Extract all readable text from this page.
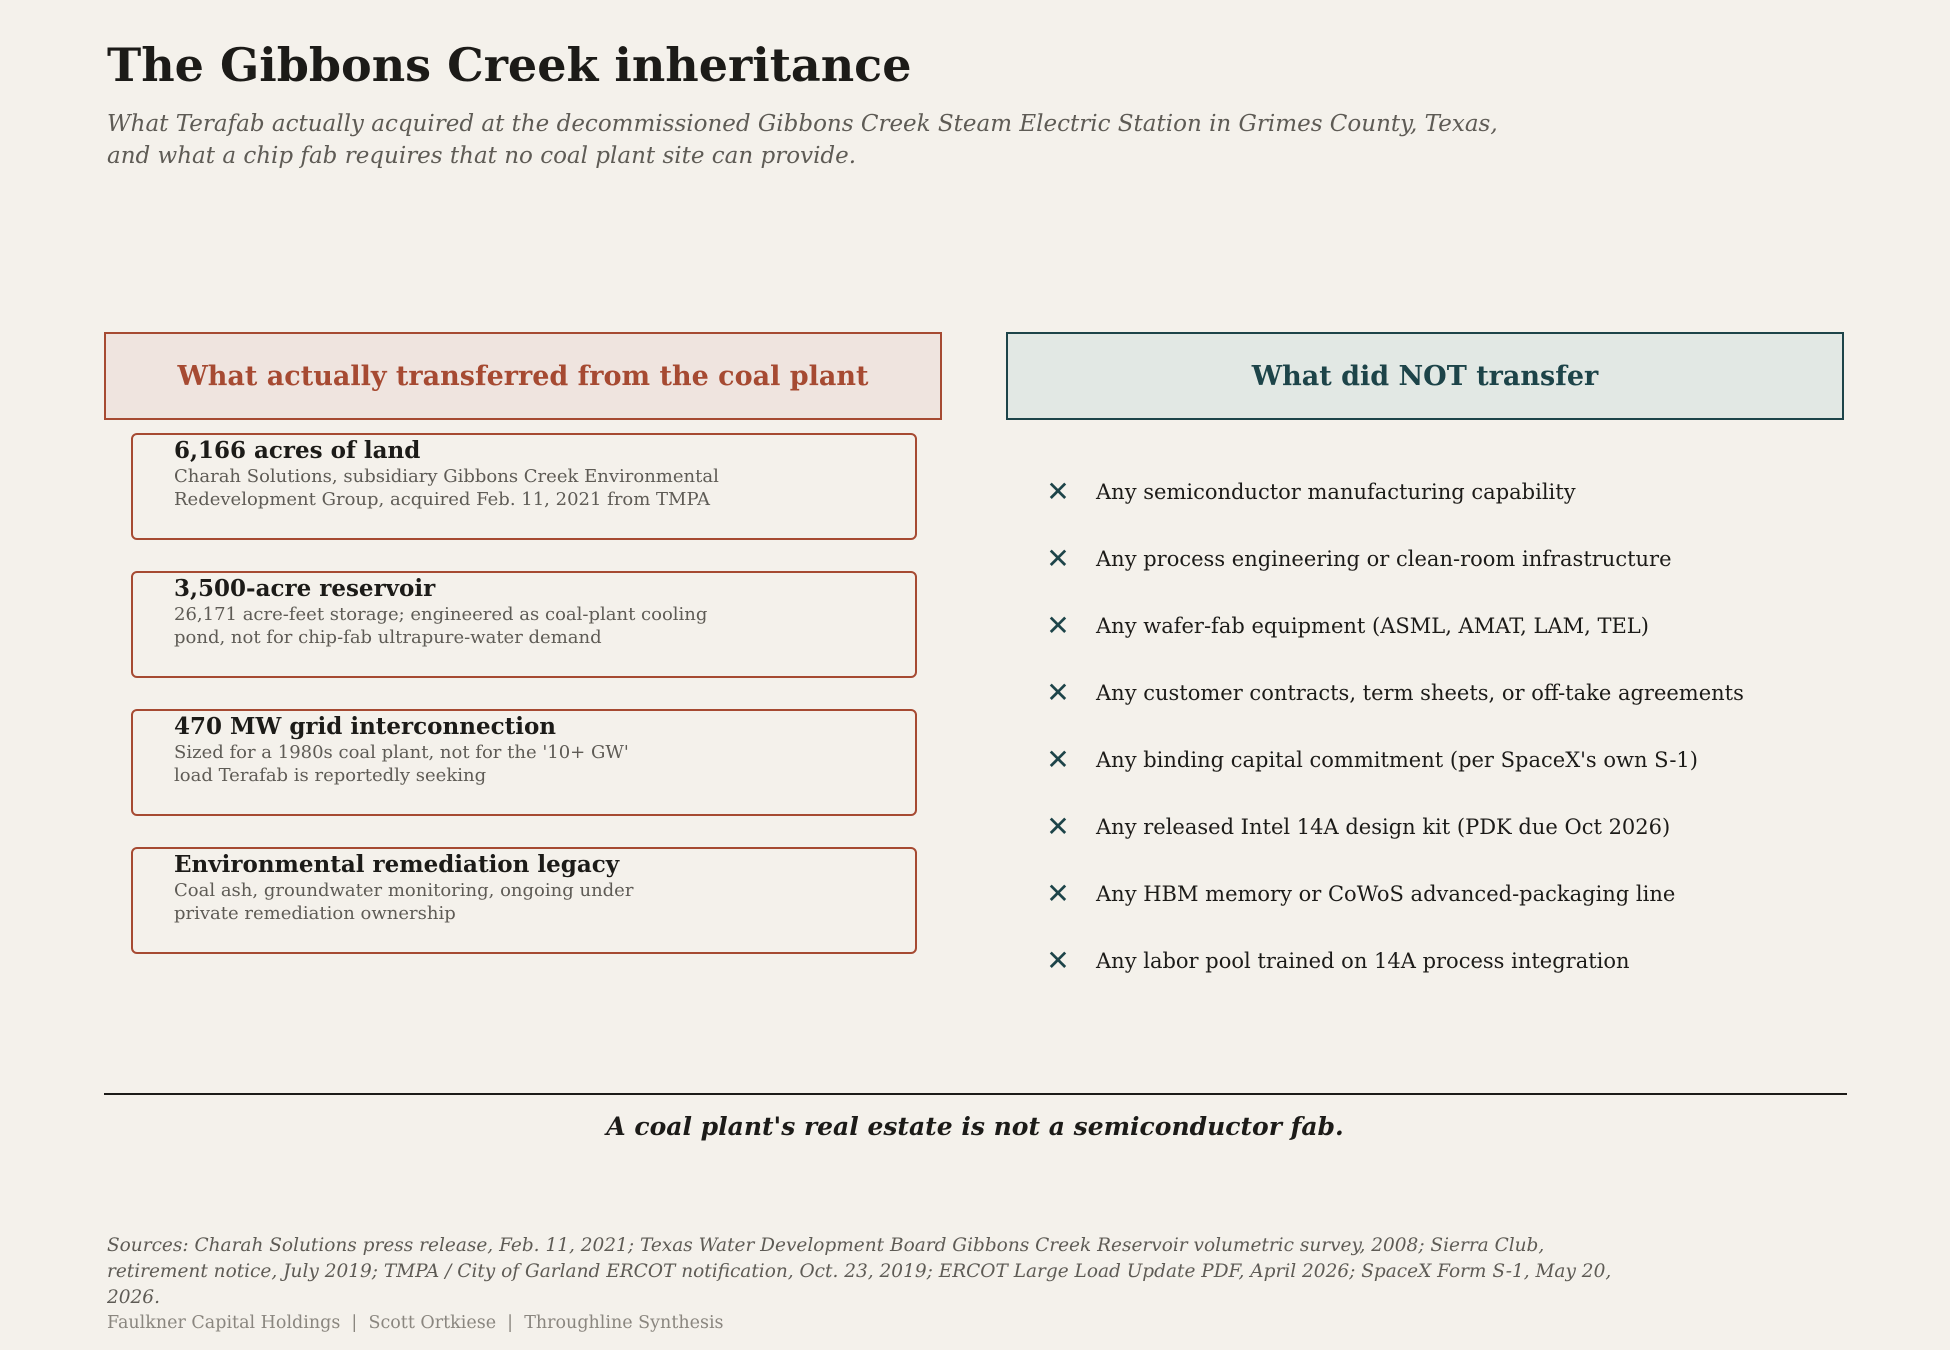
The Gibbons Creek inheritance
What Terafab actually acquired at the decommissioned Gibbons Creek Steam Electric Station in Grimes County, Texas,
and what a chip fab requires that no coal plant site can provide.
What actually transferred from the coal plant	What did NOT transfer
6,166 acres of land
Charah Solutions, subsidiary Gibbons Creek Environmental
Redevelopment Group, acquired Feb. 11, 2021 from TMPA
3,500-acre reservoir
26,171 acre-feet storage; engineered as coal-plant cooling
pond, not for chip-fab ultrapure-water demand
470 MW grid interconnection
Sized for a 1980s coal plant, not for the '10+ GW'
load Terafab is reportedly seeking
Environmental remediation legacy
Coal ash, groundwater monitoring, ongoing under
private remediation ownership
✕ Any semiconductor manufacturing capability
✕ Any process engineering or clean-room infrastructure
✕ Any wafer-fab equipment (ASML, AMAT, LAM, TEL)
✕ Any customer contracts, term sheets, or off-take agreements
✕ Any binding capital commitment (per SpaceX's own S-1)
✕ Any released Intel 14A design kit (PDK due Oct 2026)
✕ Any HBM memory or CoWoS advanced-packaging line
✕ Any labor pool trained on 14A process integration
A coal plant's real estate is not a semiconductor fab.
Sources: Charah Solutions press release, Feb. 11, 2021; Texas Water Development Board Gibbons Creek Reservoir volumetric survey, 2008; Sierra Club,
retirement notice, July 2019; TMPA / City of Garland ERCOT notification, Oct. 23, 2019; ERCOT Large Load Update PDF, April 2026; SpaceX Form S-1, May 20,
2026.
Faulkner Capital Holdings  |  Scott Ortkiese  |  Throughline Synthesis
